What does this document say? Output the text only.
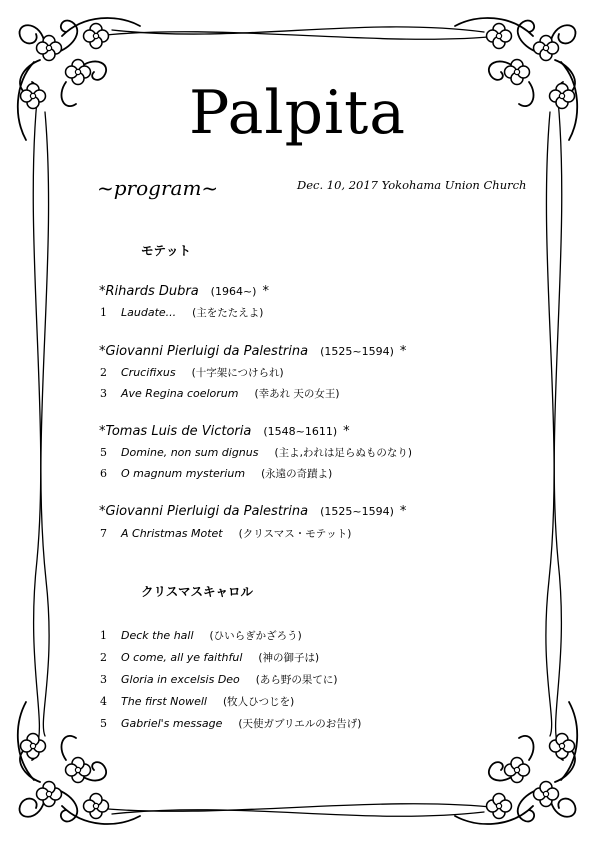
Palpita
~program~	Dec. 10, 2017 Yokohama Union Church
モテット
*Rihards Dubra (1964~) *
1 Laudate... (主をたたえよ)
*Giovanni Pierluigi da Palestrina (1525~1594) *
2 Crucifixus (十字架につけられ)
3 Ave Regina coelorum (幸あれ 天の女王)
*Tomas Luis de Victoria (1548~1611) *
5 Domine, non sum dignus (主よ,われは足らぬものなり)
6 O magnum mysterium (永遠の奇蹟よ)
*Giovanni Pierluigi da Palestrina (1525~1594) *
7 A Christmas Motet (クリスマス・モテット)
クリスマスキャロル
1 Deck the hall (ひいらぎかざろう)
2 O come, all ye faithful (神の御子は)
3 Gloria in excelsis Deo (あら野の果てに)
4 The first Nowell (牧人ひつじを)
5 Gabriel's message (天使ガブリエルのお告げ)
